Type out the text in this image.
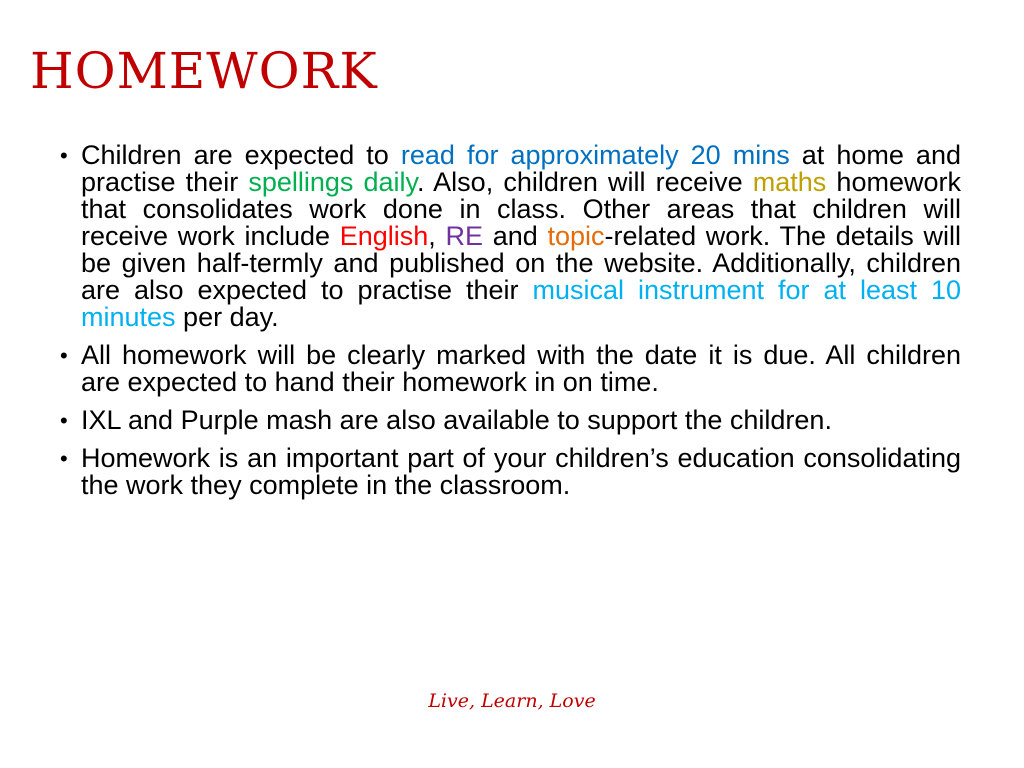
HOMEWORK
• Children are expected to read for approximately 20 mins at home and practise their spellings daily. Also, children will receive maths homework that consolidates work done in class. Other areas that children will receive work include English, RE and topic-related work. The details will be given half-termly and published on the website. Additionally, children are also expected to practise their musical instrument for at least 10 minutes per day.
• All homework will be clearly marked with the date it is due. All children are expected to hand their homework in on time.
• IXL and Purple mash are also available to support the children.
• Homework is an important part of your children’s education consolidating the work they complete in the classroom.
Live, Learn, Love
